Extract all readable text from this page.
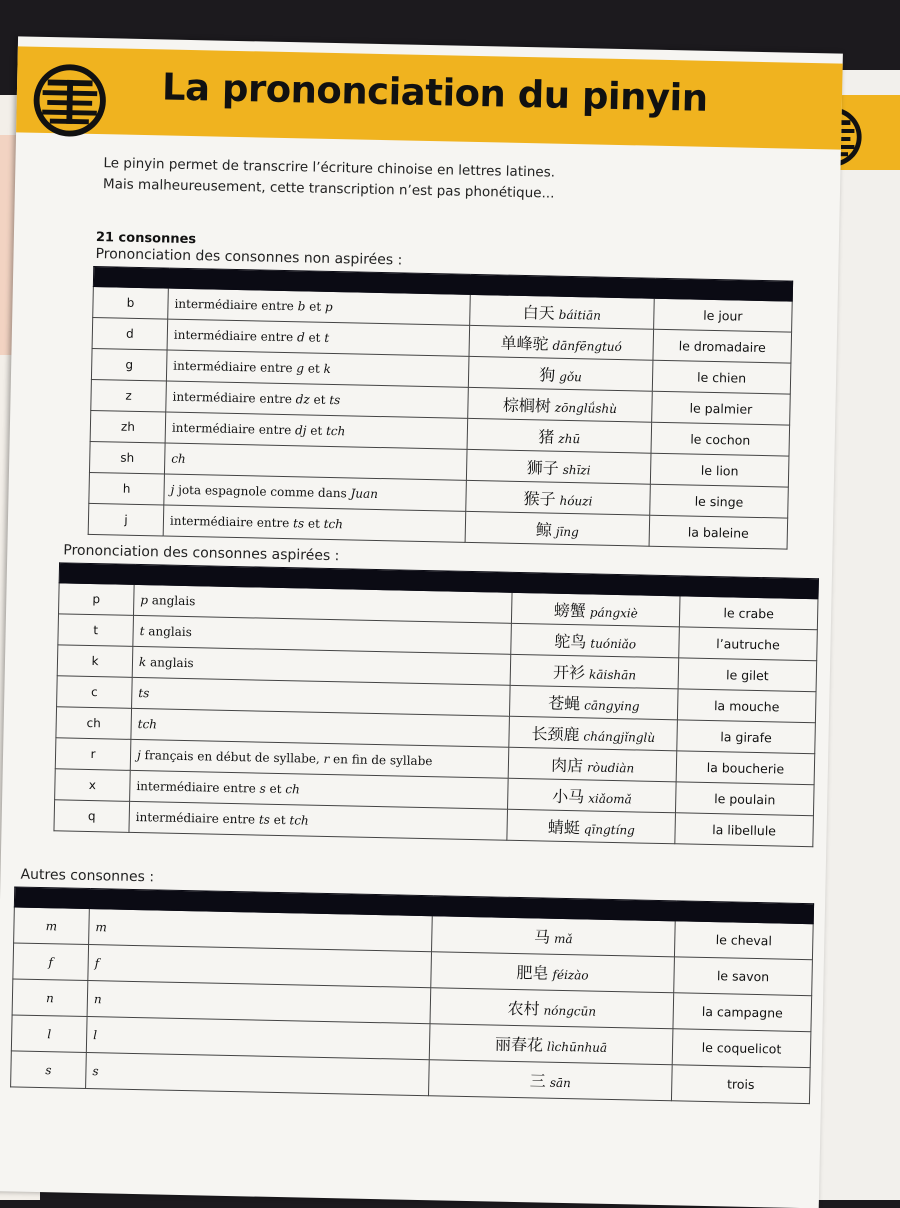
La prononciation du pinyin
Le pinyin permet de transcrire l’écriture chinoise en lettres latines.
Mais malheureusement, cette transcription n’est pas phonétique...
21 consonnes
Prononciation des consonnes non aspirées :

b	intermédiaire entre b et p	白天 báitiān	le jour
d	intermédiaire entre d et t	单峰驼 dānfēngtuó	le dromadaire
g	intermédiaire entre g et k	狗 gǒu	le chien
z	intermédiaire entre dz et ts	棕榈树 zōnglǘshù	le palmier
zh	intermédiaire entre dj et tch	猪 zhū	le cochon
sh	ch	狮子 shīzi	le lion
h	j jota espagnole comme dans Juan	猴子 hóuzi	le singe
j	intermédiaire entre ts et tch	鲸 jīng	la baleine
Prononciation des consonnes aspirées :

p	p anglais	螃蟹 pángxiè	le crabe
t	t anglais	鸵鸟 tuóniǎo	l’autruche
k	k anglais	开衫 kāishān	le gilet
c	ts	苍蝇 cāngying	la mouche
ch	tch	长颈鹿 chángjǐnglù	la girafe
r	j français en début de syllabe, r en fin de syllabe	肉店 ròudiàn	la boucherie
x	intermédiaire entre s et ch	小马 xiǎomǎ	le poulain
q	intermédiaire entre ts et tch	蜻蜓 qīngtíng	la libellule
Autres consonnes :

m	m	马 mǎ	le cheval
f	f	肥皂 féizào	le savon
n	n	农村 nóngcūn	la campagne
l	l	丽春花 lìchūnhuā	le coquelicot
s	s	三 sān	trois
